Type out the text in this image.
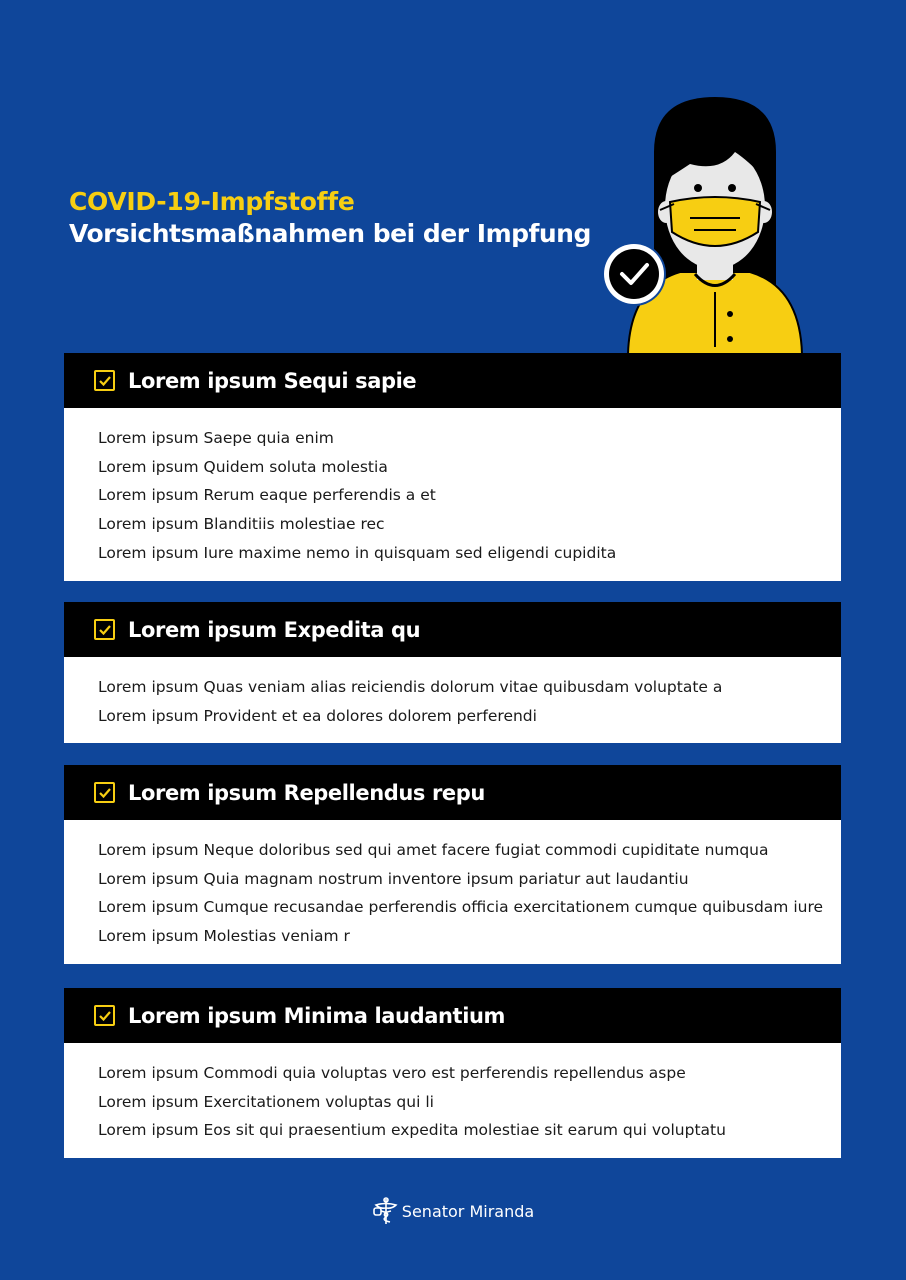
COVID-19-Impfstoffe
Vorsichtsmaßnahmen bei der Impfung
Lorem ipsum Sequi sapie
Lorem ipsum Saepe quia enim
Lorem ipsum Quidem soluta molestia
Lorem ipsum Rerum eaque perferendis a et
Lorem ipsum Blanditiis molestiae rec
Lorem ipsum Iure maxime nemo in quisquam sed eligendi cupidita
Lorem ipsum Expedita qu
Lorem ipsum Quas veniam alias reiciendis dolorum vitae quibusdam voluptate a
Lorem ipsum Provident et ea dolores dolorem perferendi
Lorem ipsum Repellendus repu
Lorem ipsum Neque doloribus sed qui amet facere fugiat commodi cupiditate numqua
Lorem ipsum Quia magnam nostrum inventore ipsum pariatur aut laudantiu
Lorem ipsum Cumque recusandae perferendis officia exercitationem cumque quibusdam iure
Lorem ipsum Molestias veniam r
Lorem ipsum Minima laudantium
Lorem ipsum Commodi quia voluptas vero est perferendis repellendus aspe
Lorem ipsum Exercitationem voluptas qui li
Lorem ipsum Eos sit qui praesentium expedita molestiae sit earum qui voluptatu
Senator Miranda
